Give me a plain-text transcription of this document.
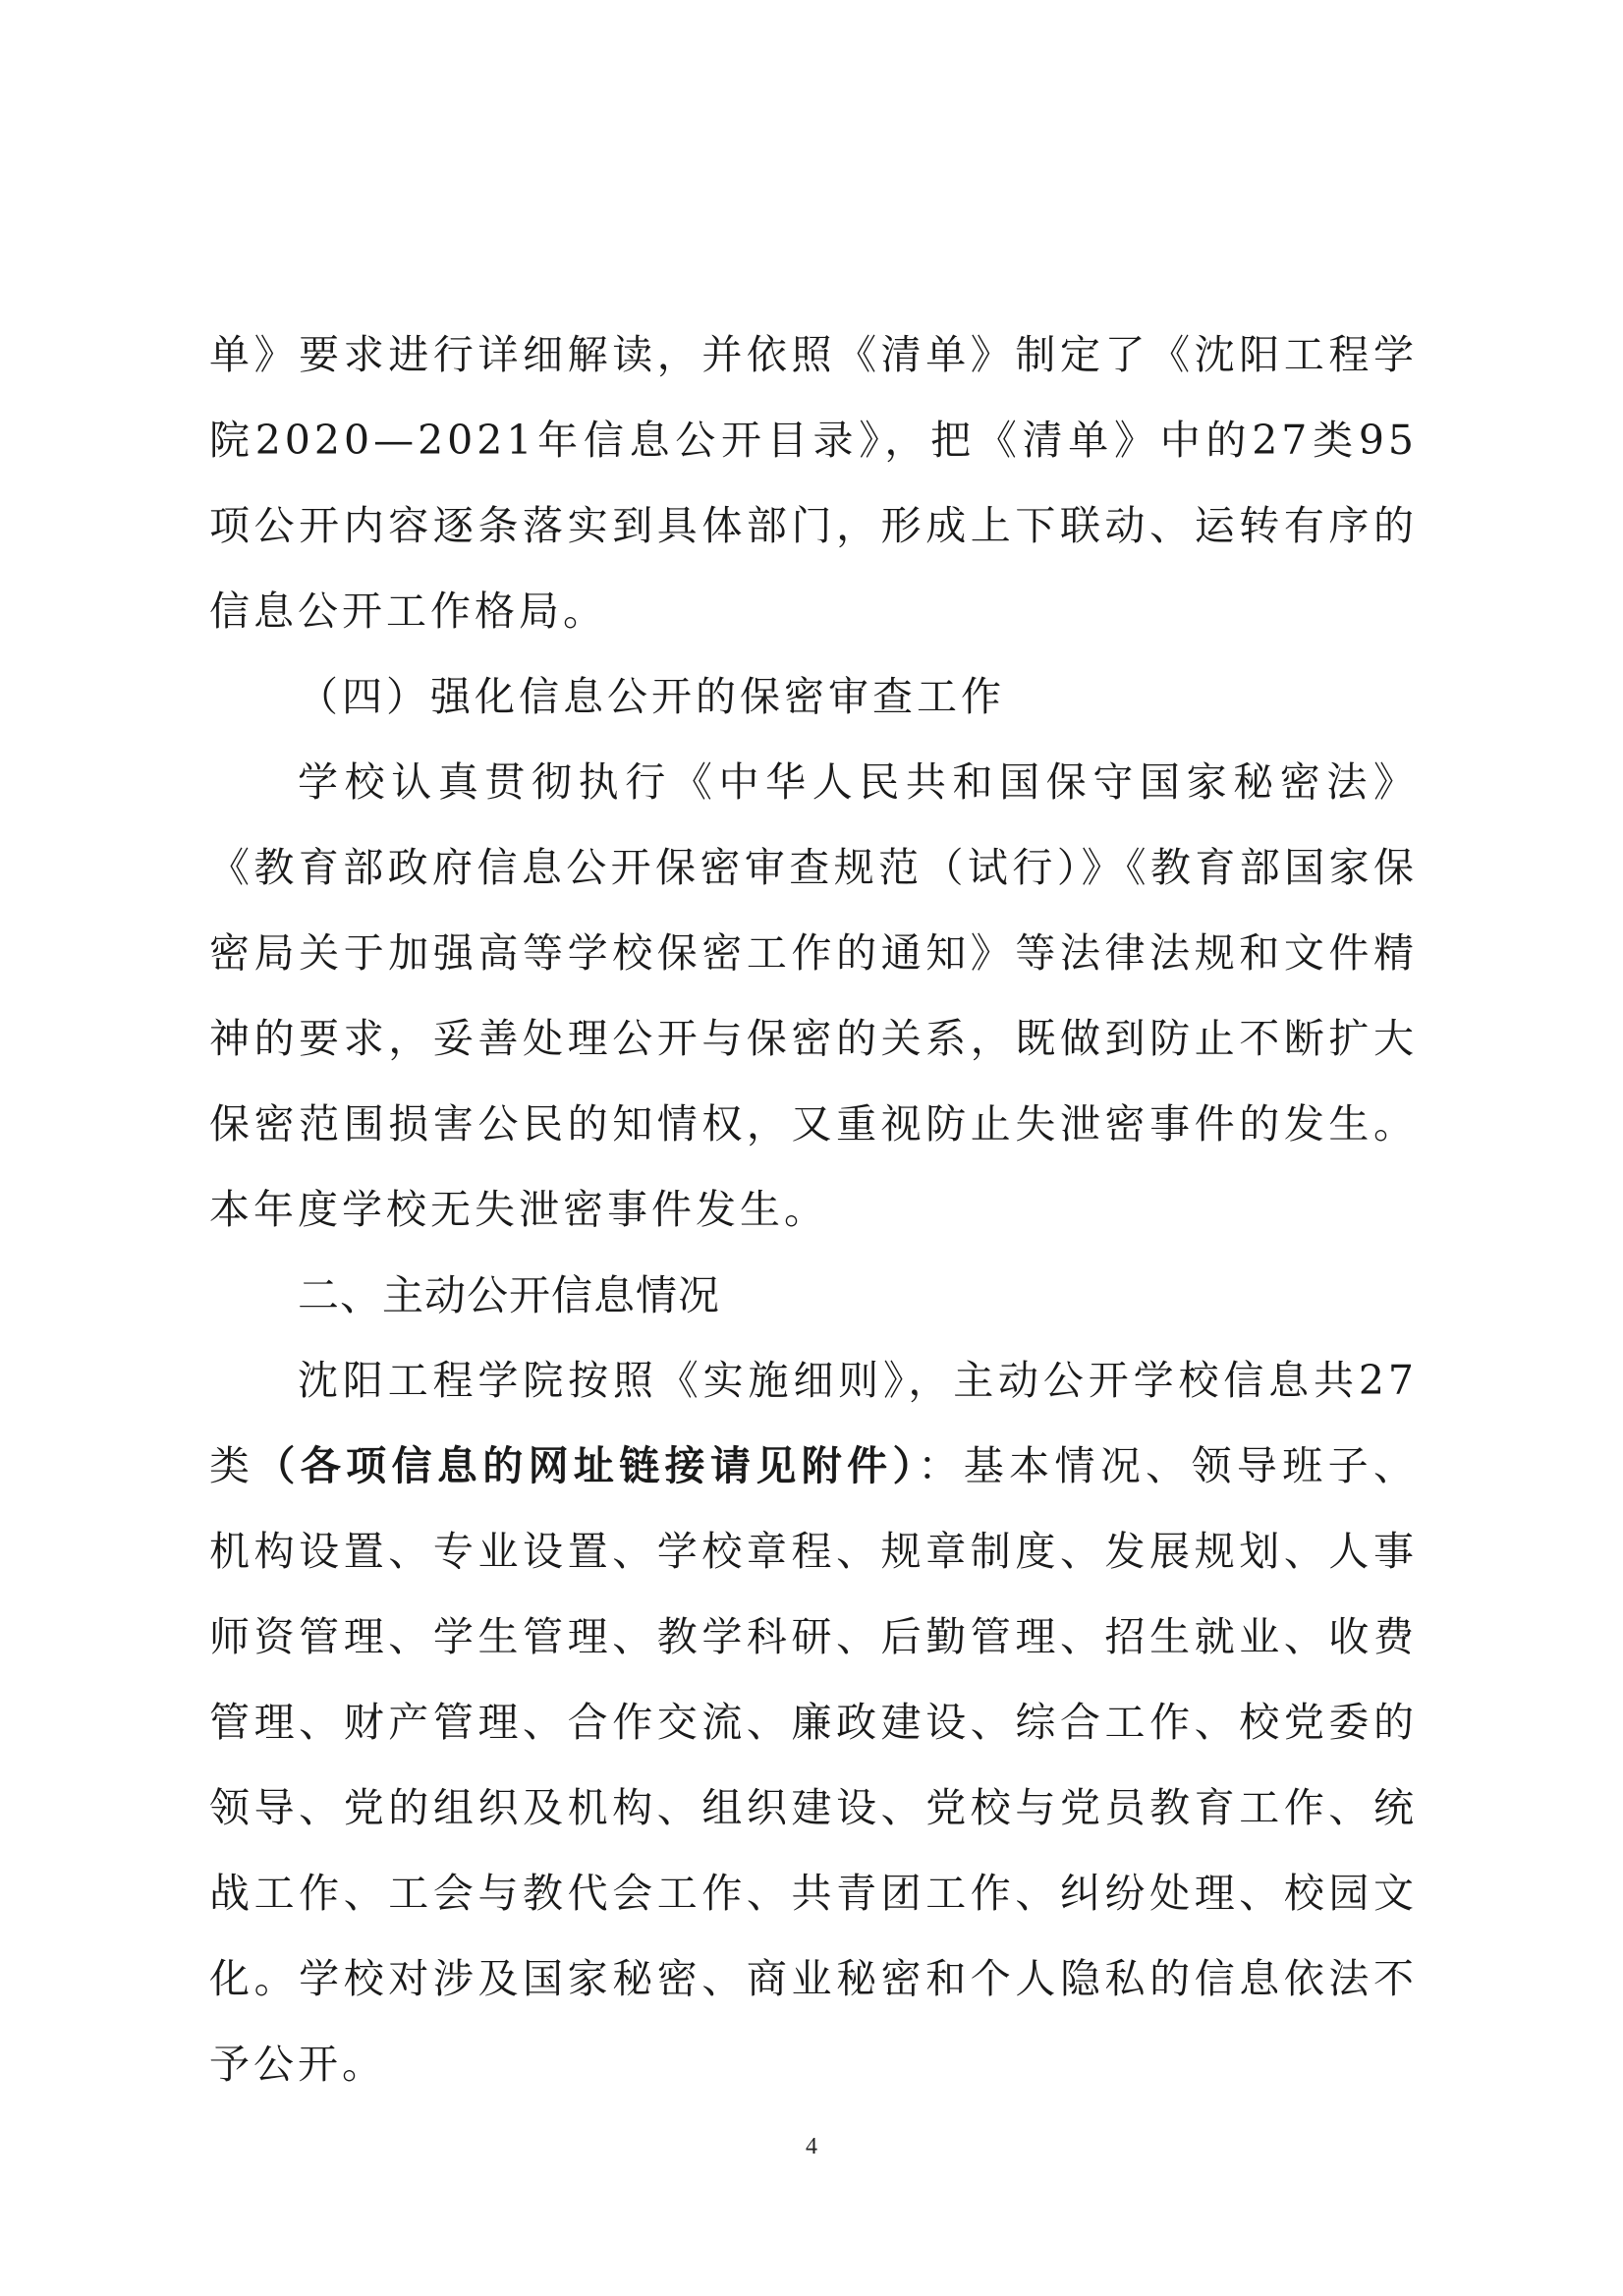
单》要求进行详细解读，并依照《清单》制定了《沈阳工程学院2020—2021年信息公开目录》，把《清单》中的27类95项公开内容逐条落实到具体部门，形成上下联动、运转有序的信息公开工作格局。

（四）强化信息公开的保密审查工作

学校认真贯彻执行《中华人民共和国保守国家秘密法》《教育部政府信息公开保密审查规范（试行）》《教育部国家保密局关于加强高等学校保密工作的通知》等法律法规和文件精神的要求，妥善处理公开与保密的关系，既做到防止不断扩大保密范围损害公民的知情权，又重视防止失泄密事件的发生。本年度学校无失泄密事件发生。

二、主动公开信息情况

沈阳工程学院按照《实施细则》，主动公开学校信息共27类（各项信息的网址链接请见附件）：基本情况、领导班子、机构设置、专业设置、学校章程、规章制度、发展规划、人事师资管理、学生管理、教学科研、后勤管理、招生就业、收费管理、财产管理、合作交流、廉政建设、综合工作、校党委的领导、党的组织及机构、组织建设、党校与党员教育工作、统战工作、工会与教代会工作、共青团工作、纠纷处理、校园文化。学校对涉及国家秘密、商业秘密和个人隐私的信息依法不予公开。

4
